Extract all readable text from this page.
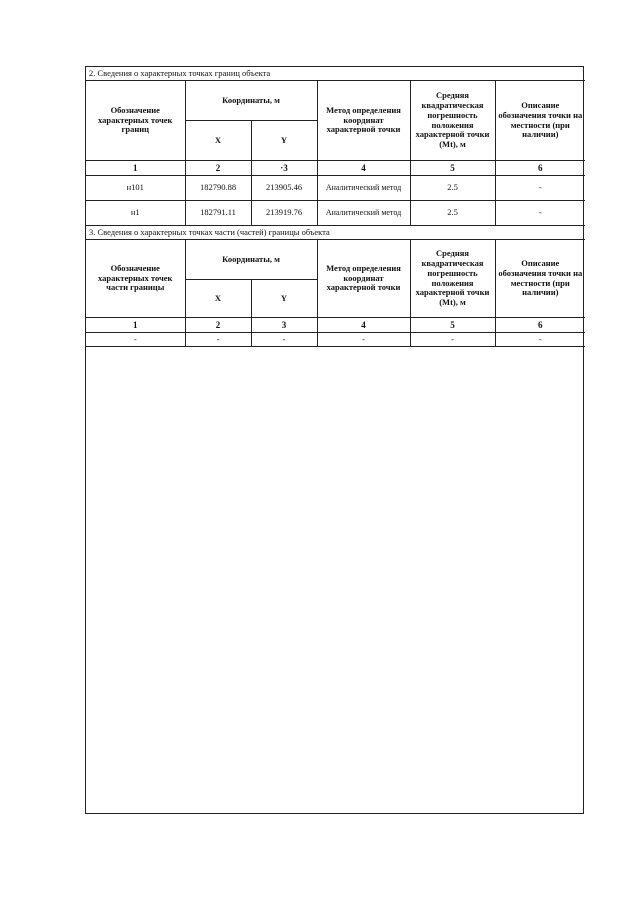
2. Сведения о характерных точках границ объекта					
Обозначение характерных точек границ	Координаты, м		Метод определения координат характерной точки	Средняя квадратическая погрешность положения характерной точки (Mt), м	Описание обозначения точки на местности (при наличии)
	X	Y			
1	2	·3	4	5	6
н101	182790.88	213905.46	Аналитический метод	2.5	-
н1	182791.11	213919.76	Аналитический метод	2.5	-
3. Сведения о характерных точках части (частей) границы объекта					
Обозначение характерных точек части границы	Координаты, м		Метод определения координат характерной точки	Средняя квадратическая погрешность положения характерной точки (Mt), м	Описание обозначения точки на местности (при наличии)
	X	Y			
1	2	3	4	5	6
-	-	-	-	-	-
